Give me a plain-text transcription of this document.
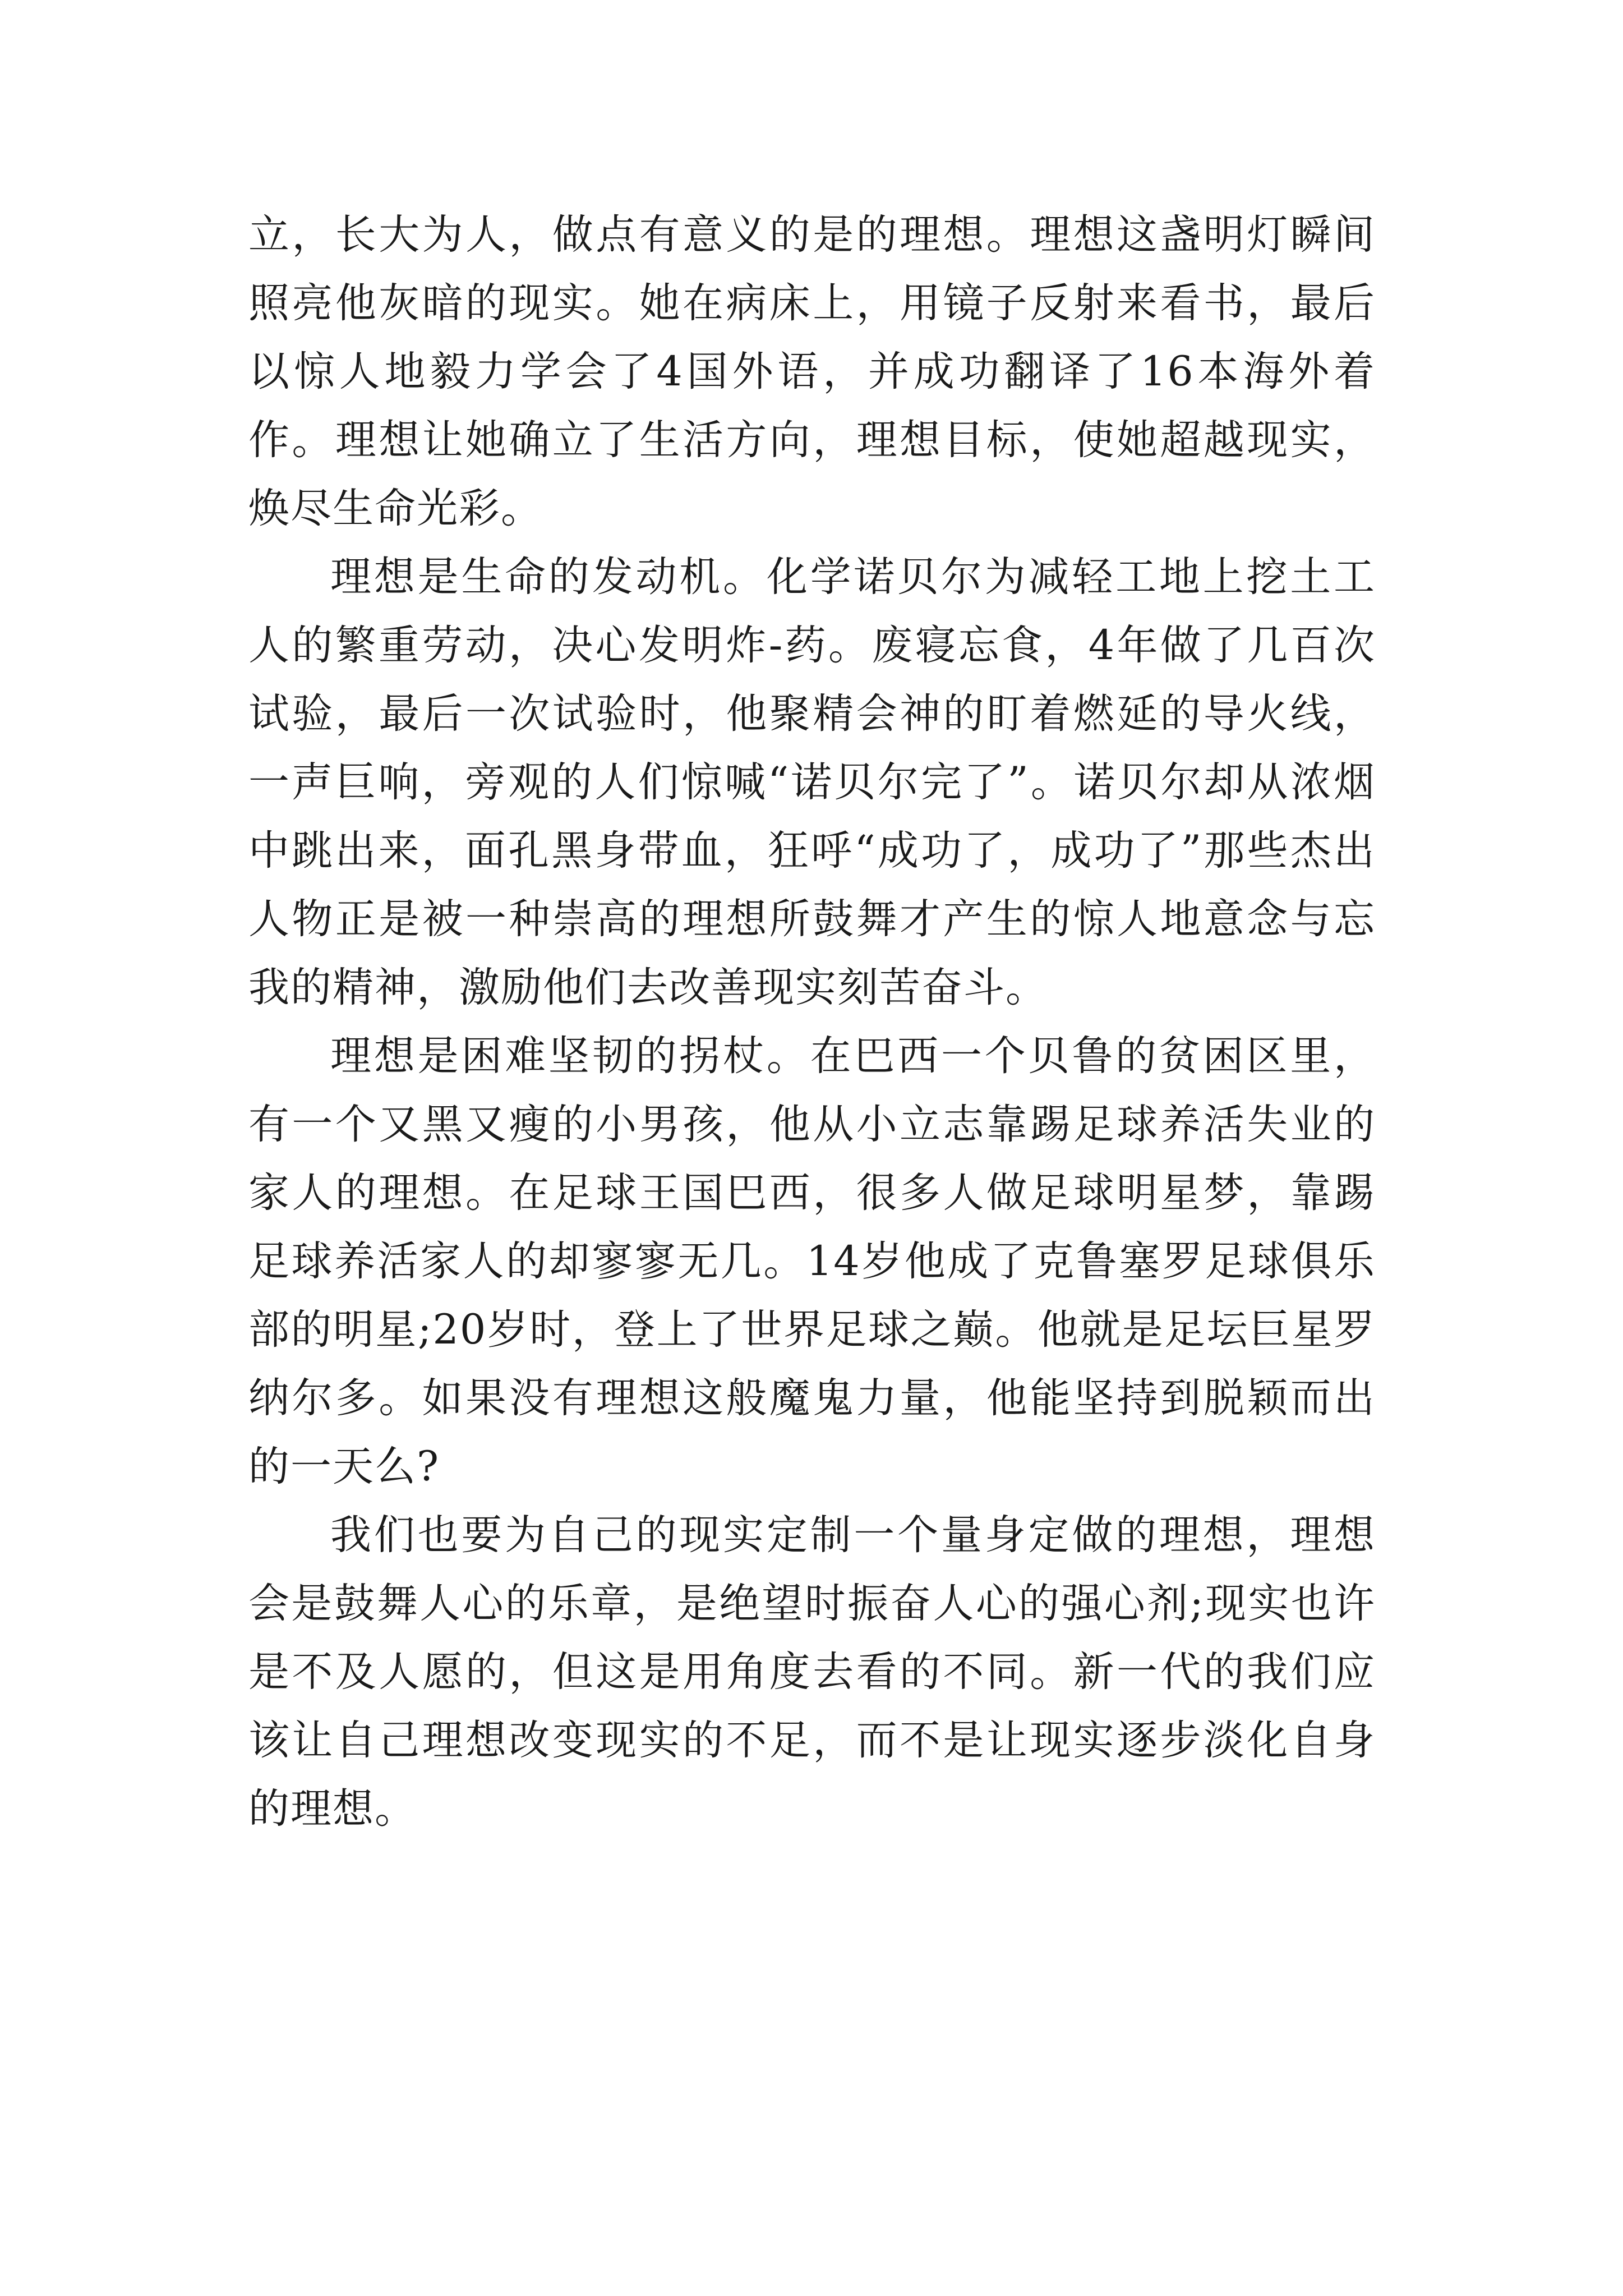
立，长大为人，做点有意义的是的理想。理想这盏明灯瞬间照亮他灰暗的现实。她在病床上，用镜子反射来看书，最后以惊人地毅力学会了4国外语，并成功翻译了16本海外着作。理想让她确立了生活方向，理想目标，使她超越现实，焕尽生命光彩。

理想是生命的发动机。化学诺贝尔为减轻工地上挖土工人的繁重劳动，决心发明炸-药。废寝忘食，4年做了几百次试验，最后一次试验时，他聚精会神的盯着燃延的导火线，一声巨响，旁观的人们惊喊“诺贝尔完了”。诺贝尔却从浓烟中跳出来，面孔黑身带血，狂呼“成功了，成功了”那些杰出人物正是被一种崇高的理想所鼓舞才产生的惊人地意念与忘我的精神，激励他们去改善现实刻苦奋斗。

理想是困难坚韧的拐杖。在巴西一个贝鲁的贫困区里，有一个又黑又瘦的小男孩，他从小立志靠踢足球养活失业的家人的理想。在足球王国巴西，很多人做足球明星梦，靠踢足球养活家人的却寥寥无几。14岁他成了克鲁塞罗足球俱乐部的明星;20岁时，登上了世界足球之巅。他就是足坛巨星罗纳尔多。如果没有理想这般魔鬼力量，他能坚持到脱颖而出的一天么?

我们也要为自己的现实定制一个量身定做的理想，理想会是鼓舞人心的乐章，是绝望时振奋人心的强心剂;现实也许是不及人愿的，但这是用角度去看的不同。新一代的我们应该让自己理想改变现实的不足，而不是让现实逐步淡化自身的理想。
